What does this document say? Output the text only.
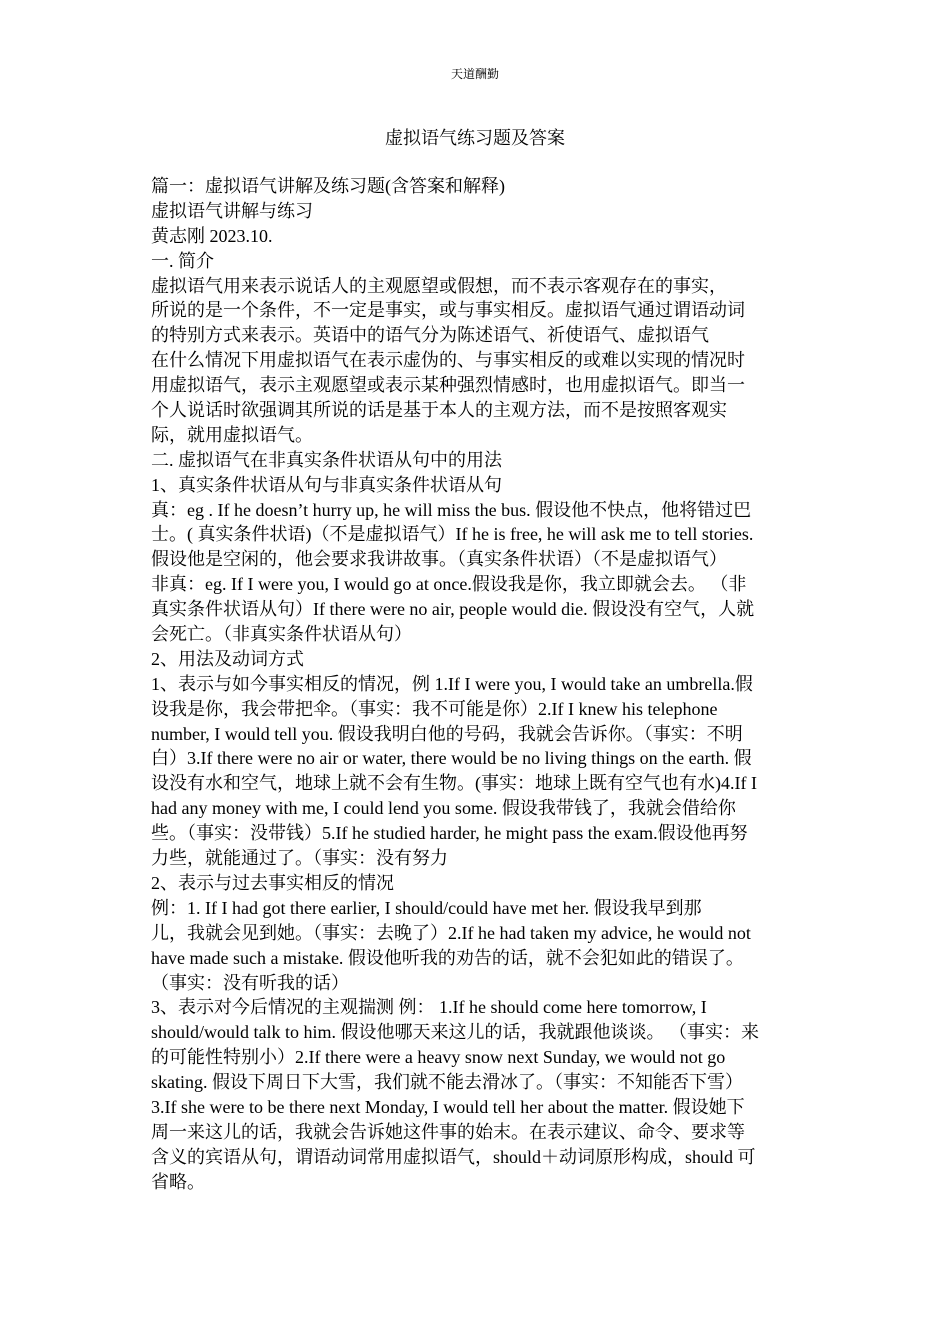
天道酬勤
虚拟语气练习题及答案
篇一：虚拟语气讲解及练习题(含答案和解释)
虚拟语气讲解与练习
黄志刚 2023.10.
一. 简介
虚拟语气用来表示说话人的主观愿望或假想，而不表示客观存在的事实，
所说的是一个条件，不一定是事实，或与事实相反。虚拟语气通过谓语动词
的特别方式来表示。英语中的语气分为陈述语气、祈使语气、虚拟语气
在什么情况下用虚拟语气在表示虚伪的、与事实相反的或难以实现的情况时
用虚拟语气，表示主观愿望或表示某种强烈情感时，也用虚拟语气。即当一
个人说话时欲强调其所说的话是基于本人的主观方法，而不是按照客观实
际，就用虚拟语气。
二. 虚拟语气在非真实条件状语从句中的用法
1、真实条件状语从句与非真实条件状语从句
真：eg . If he doesn’t hurry up, he will miss the bus. 假设他不快点，他将错过巴
士。( 真实条件状语)（不是虚拟语气）If he is free, he will ask me to tell stories.
假设他是空闲的，他会要求我讲故事。（真实条件状语）（不是虚拟语气）
非真：eg. If I were you, I would go at once.假设我是你，我立即就会去。 （非
真实条件状语从句）If there were no air, people would die. 假设没有空气，人就
会死亡。（非真实条件状语从句）
2、用法及动词方式
1、表示与如今事实相反的情况，例 1.If I were you, I would take an umbrella.假
设我是你，我会带把伞。（事实：我不可能是你）2.If I knew his telephone
number, I would tell you. 假设我明白他的号码，我就会告诉你。（事实：不明
白）3.If there were no air or water, there would be no living things on the earth. 假
设没有水和空气，地球上就不会有生物。(事实：地球上既有空气也有水)4.If I
had any money with me, I could lend you some. 假设我带钱了，我就会借给你
些。（事实：没带钱）5.If he studied harder, he might pass the exam.假设他再努
力些，就能通过了。（事实：没有努力
2、表示与过去事实相反的情况
例：1. If I had got there earlier, I should/could have met her. 假设我早到那
儿，我就会见到她。（事实：去晚了）2.If he had taken my advice, he would not
have made such a mistake. 假设他听我的劝告的话，就不会犯如此的错误了。
（事实：没有听我的话）
3、表示对今后情况的主观揣测 例： 1.If he should come here tomorrow, I
should/would talk to him. 假设他哪天来这儿的话，我就跟他谈谈。 （事实：来
的可能性特别小）2.If there were a heavy snow next Sunday, we would not go
skating. 假设下周日下大雪，我们就不能去滑冰了。（事实：不知能否下雪）
3.If she were to be there next Monday, I would tell her about the matter. 假设她下
周一来这儿的话，我就会告诉她这件事的始末。在表示建议、命令、要求等
含义的宾语从句，谓语动词常用虚拟语气，should＋动词原形构成，should 可
省略。
